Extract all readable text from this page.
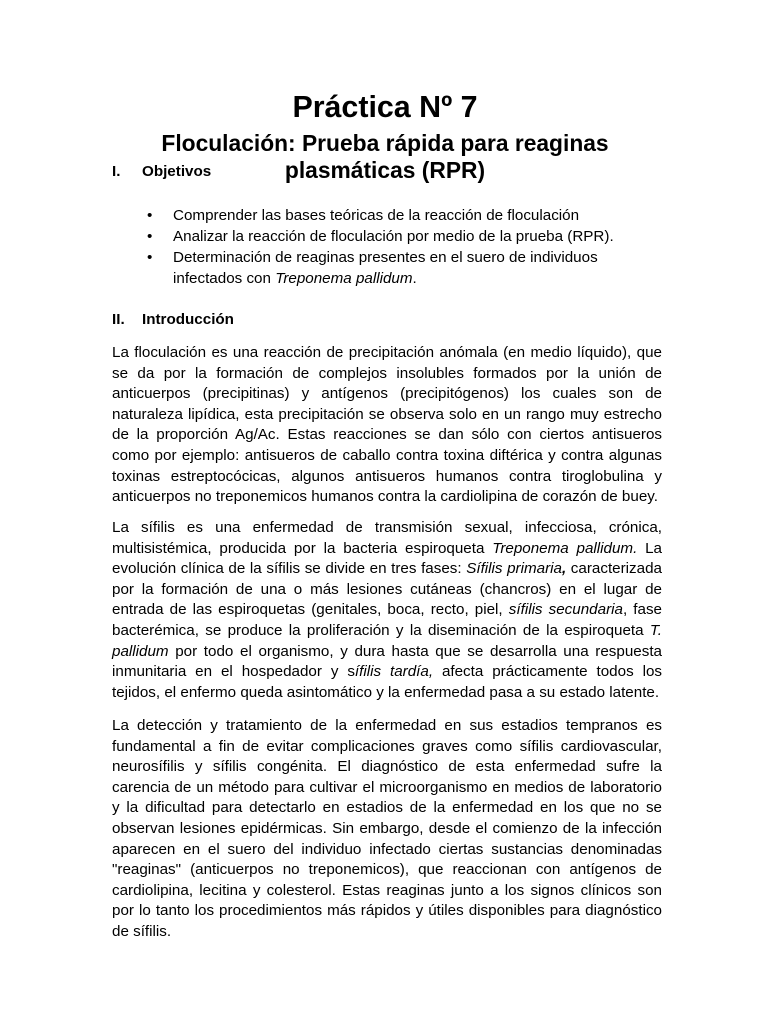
Práctica Nº 7
Floculación: Prueba rápida para reaginas plasmáticas (RPR)
I. Objetivos
• Comprender las bases teóricas de la reacción de floculación
• Analizar la reacción de floculación por medio de la prueba (RPR).
• Determinación de reaginas presentes en el suero de individuos infectados con Treponema pallidum.
II. Introducción

La floculación es una reacción de precipitación anómala (en medio líquido), que se da por la formación de complejos insolubles formados por la unión de anticuerpos (precipitinas) y antígenos (precipitógenos) los cuales son de naturaleza lipídica, esta precipitación se observa solo en un rango muy estrecho de la proporción Ag/Ac. Estas reacciones se dan sólo con ciertos antisueros como por ejemplo: antisueros de caballo contra toxina diftérica y contra algunas toxinas estreptocócicas, algunos antisueros humanos contra tiroglobulina y anticuerpos no treponemicos humanos contra la cardiolipina de corazón de buey.

La sífilis es una enfermedad de transmisión sexual, infecciosa, crónica, multisistémica, producida por la bacteria espiroqueta Treponema pallidum. La evolución clínica de la sífilis se divide en tres fases: Sífilis primaria, caracterizada por la formación de una o más lesiones cutáneas (chancros) en el lugar de entrada de las espiroquetas (genitales, boca, recto, piel, sífilis secundaria, fase bacterémica, se produce la proliferación y la diseminación de la espiroqueta T. pallidum por todo el organismo, y dura hasta que se desarrolla una respuesta inmunitaria en el hospedador y sífilis tardía, afecta prácticamente todos los tejidos, el enfermo queda asintomático y la enfermedad pasa a su estado latente.

La detección y tratamiento de la enfermedad en sus estadios tempranos es fundamental a fin de evitar complicaciones graves como sífilis cardiovascular, neurosífilis y sífilis congénita. El diagnóstico de esta enfermedad sufre la carencia de un método para cultivar el microorganismo en medios de laboratorio y la dificultad para detectarlo en estadios de la enfermedad en los que no se observan lesiones epidérmicas. Sin embargo, desde el comienzo de la infección aparecen en el suero del individuo infectado ciertas sustancias denominadas "reaginas" (anticuerpos no treponemicos), que reaccionan con antígenos de cardiolipina, lecitina y colesterol. Estas reaginas junto a los signos clínicos son por lo tanto los procedimientos más rápidos y útiles disponibles para diagnóstico de sífilis.
